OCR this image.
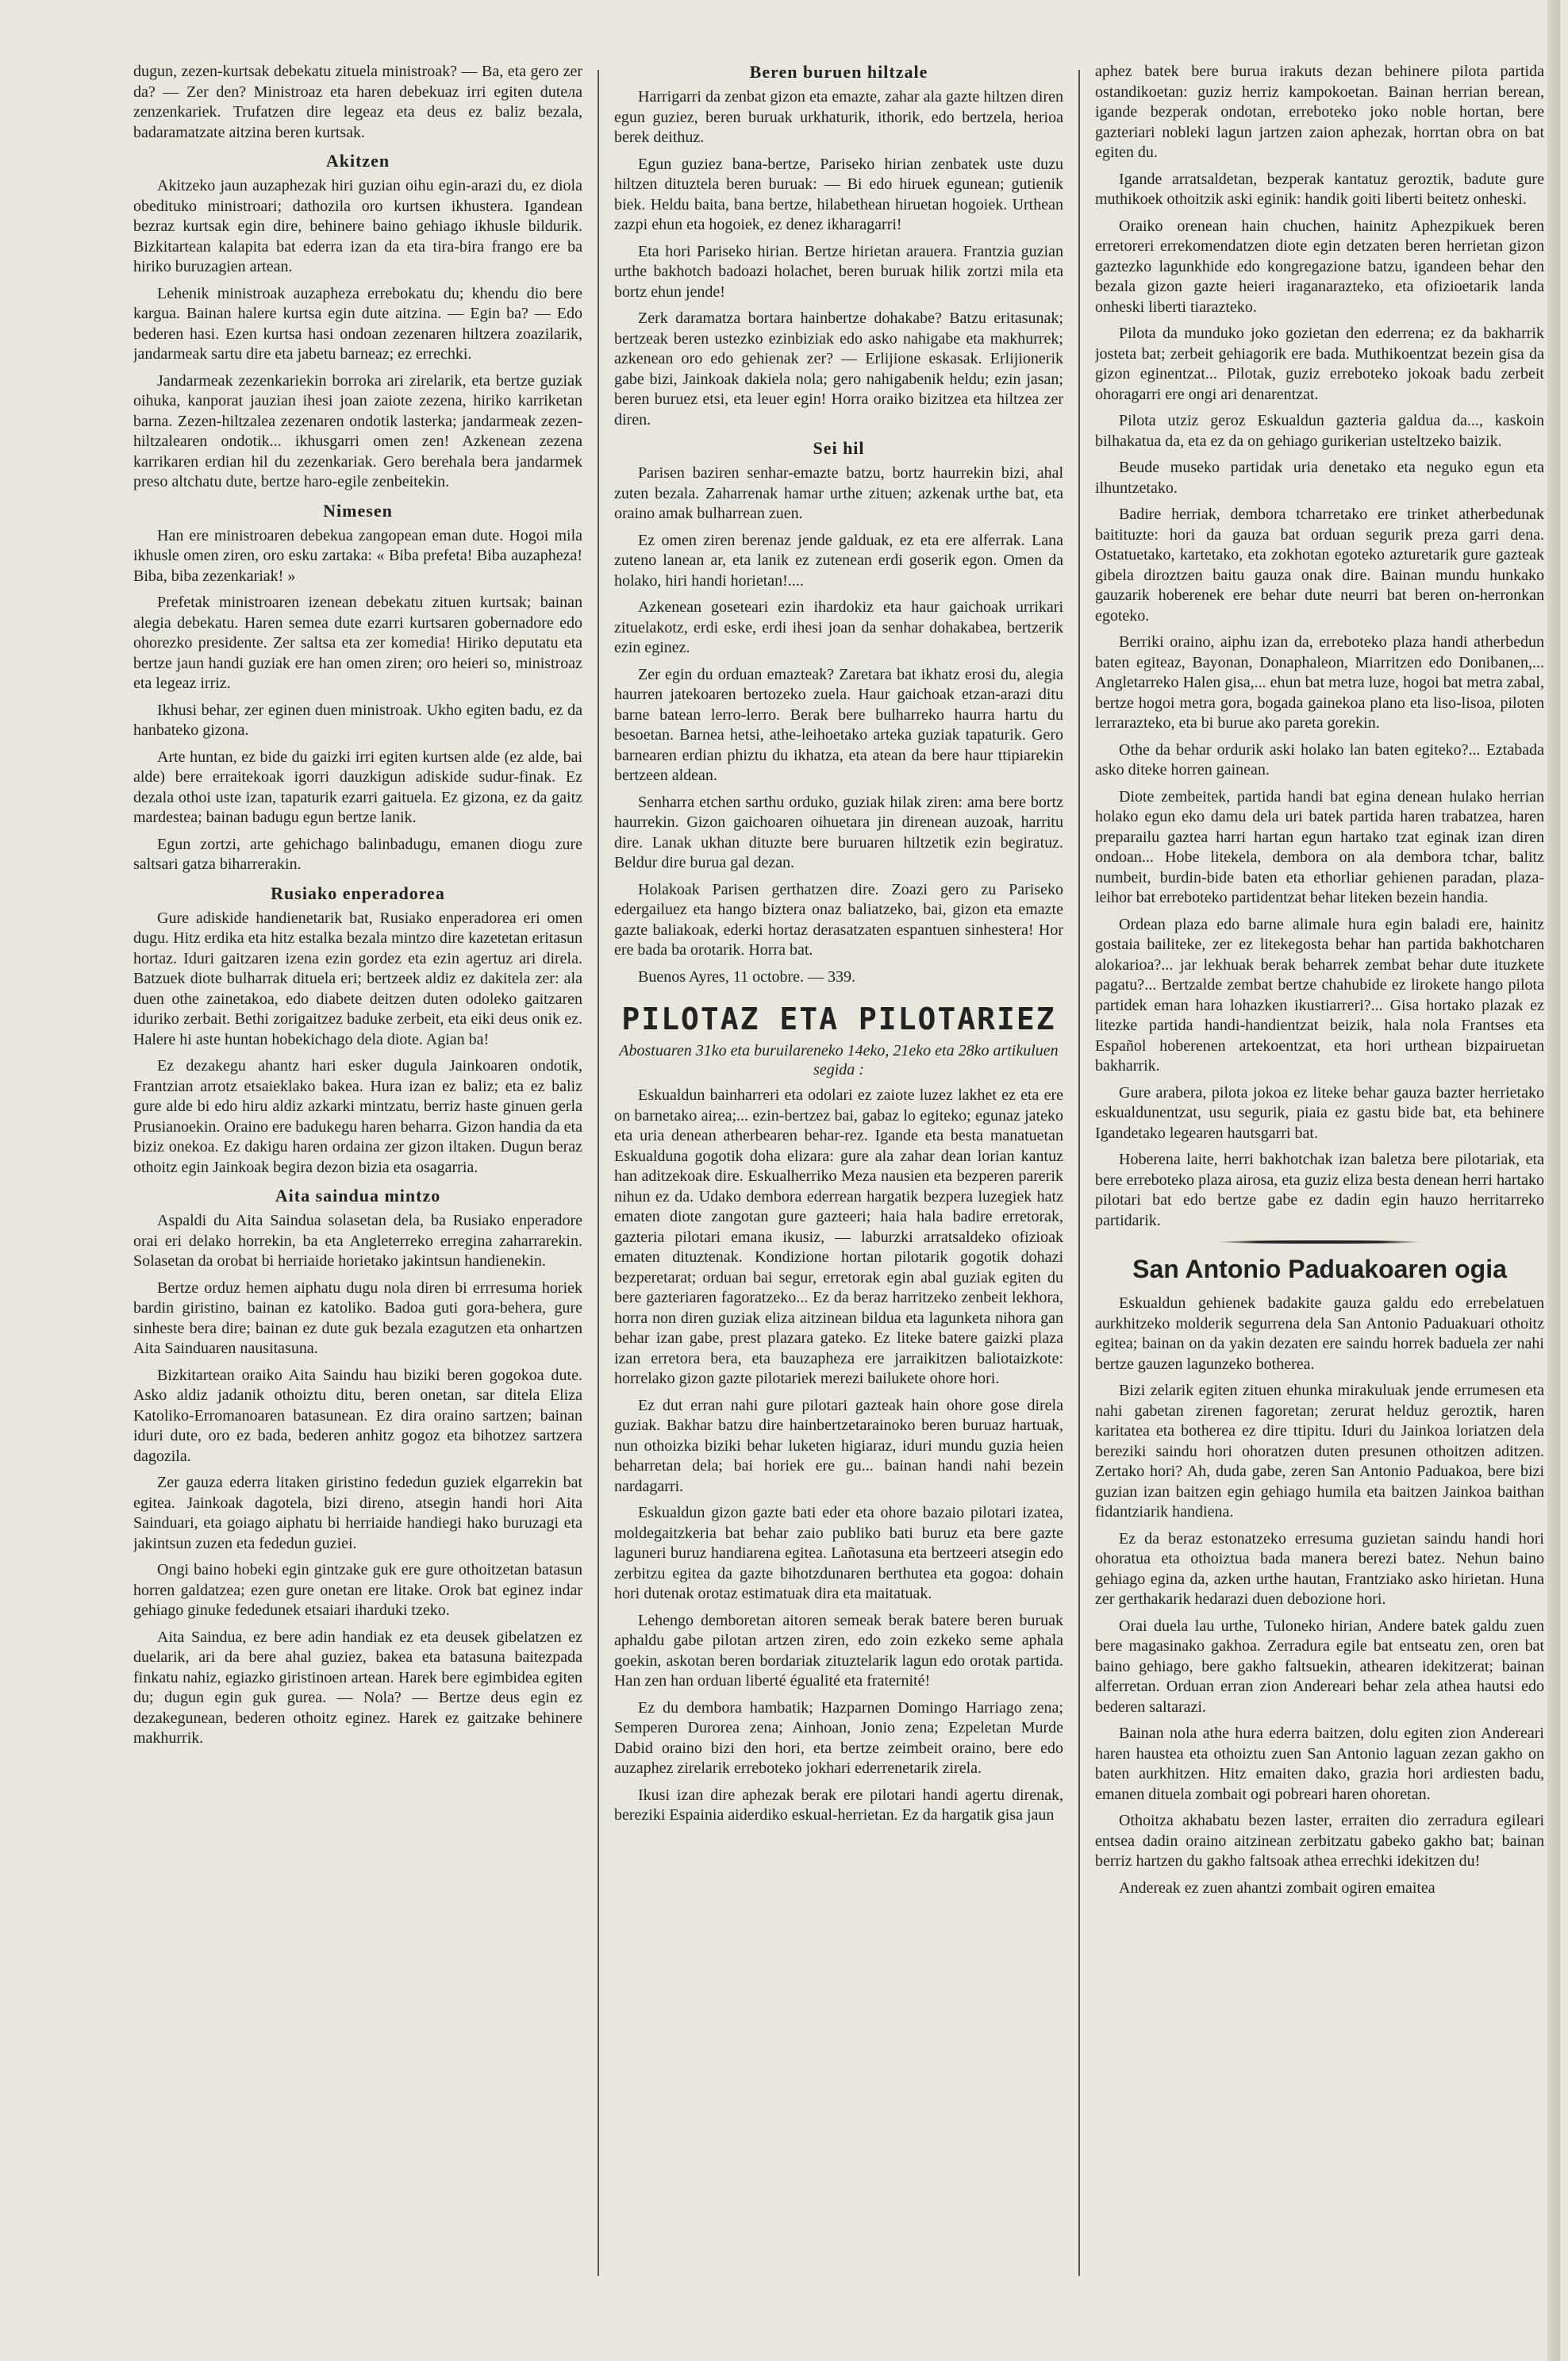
dugun, zezen-kurtsak debekatu zituela ministroak? — Ba, eta gero zer da? — Zer den? Ministroaz eta haren debekuaz irri egiten duteла zenzenkariek. Trufatzen dire legeaz eta deus ez baliz bezala, badaramatzate aitzina beren kurtsak.

Akitzen

Akitzeko jaun auzaphezak hiri guzian oihu egin-arazi du, ez diola obedituko ministroari; dathozila oro kurtsen ikhustera. Igandean bezraz kurtsak egin dire, behinere baino gehiago ikhusle bildurik. Bizkitartean kalapita bat ederra izan da eta tira-bira frango ere ba hiriko buruzagien artean.

Lehenik ministroak auzapheza errebokatu du; khendu dio bere kargua. Bainan halere kurtsa egin dute aitzina. — Egin ba? — Edo bederen hasi. Ezen kurtsa hasi ondoan zezenaren hiltzera zoazilarik, jandarmeak sartu dire eta jabetu barneaz; ez errechki.

Jandarmeak zezenkariekin borroka ari zirelarik, eta bertze guziak oihuka, kanporat jauzian ihesi joan zaiote zezena, hiriko karriketan barna. Zezen-hiltzalea zezenaren ondotik lasterka; jandarmeak zezen-hiltzalearen ondotik... ikhusgarri omen zen! Azkenean zezena karrikaren erdian hil du zezenkariak. Gero berehala bera jandarmek preso altchatu dute, bertze haro-egile zenbeitekin.

Nimesen

Han ere ministroaren debekua zangopean eman dute. Hogoi mila ikhusle omen ziren, oro esku zartaka: « Biba prefeta! Biba auzapheza! Biba, biba zezenkariak! »

Prefetak ministroaren izenean debekatu zituen kurtsak; bainan alegia debekatu. Haren semea dute ezarri kurtsaren gobernadore edo ohorezko presidente. Zer saltsa eta zer komedia! Hiriko deputatu eta bertze jaun handi guziak ere han omen ziren; oro heieri so, ministroaz eta legeaz irriz.

Ikhusi behar, zer eginen duen ministroak. Ukho egiten badu, ez da hanbateko gizona.

Arte huntan, ez bide du gaizki irri egiten kurtsen alde (ez alde, bai alde) bere erraitekoak igorri dauzkigun adiskide sudur-finak. Ez dezala othoi uste izan, tapaturik ezarri gaituela. Ez gizona, ez da gaitz mardestea; bainan badugu egun bertze lanik.

Egun zortzi, arte gehichago balinbadugu, emanen diogu zure saltsari gatza biharrerakin.

Rusiako enperadorea

Gure adiskide handienetarik bat, Rusiako enperadorea eri omen dugu. Hitz erdika eta hitz estalka bezala mintzo dire kazetetan eritasun hortaz. Iduri gaitzaren izena ezin gordez eta ezin agertuz ari direla. Batzuek diote bulharrak dituela eri; bertzeek aldiz ez dakitela zer: ala duen othe zainetakoa, edo diabete deitzen duten odoleko gaitzaren iduriko zerbait. Bethi zorigaitzez baduke zerbeit, eta eiki deus onik ez. Halere hi aste huntan hobekichago dela diote. Agian ba!

Ez dezakegu ahantz hari esker dugula Jainkoaren ondotik, Frantzian arrotz etsaieklako bakea. Hura izan ez baliz; eta ez baliz gure alde bi edo hiru aldiz azkarki mintzatu, berriz haste ginuen gerla Prusianoekin. Oraino ere badukegu haren beharra. Gizon handia da eta biziz onekoa. Ez dakigu haren ordaina zer gizon iltaken. Dugun beraz othoitz egin Jainkoak begira dezon bizia eta osagarria.

Aita saindua mintzo

Aspaldi du Aita Saindua solasetan dela, ba Rusiako enperadore orai eri delako horrekin, ba eta Angleterreko erregina zaharrarekin. Solasetan da orobat bi herriaide horietako jakintsun handienekin.

Bertze orduz hemen aiphatu dugu nola diren bi errresuma horiek bardin giristino, bainan ez katoliko. Badoa guti gora-behera, gure sinheste bera dire; bainan ez dute guk bezala ezagutzen eta onhartzen Aita Sainduaren nausitasuna.

Bizkitartean oraiko Aita Saindu hau biziki beren gogokoa dute. Asko aldiz jadanik othoiztu ditu, beren onetan, sar ditela Eliza Katoliko-Erromanoaren batasunean. Ez dira oraino sartzen; bainan iduri dute, oro ez bada, bederen anhitz gogoz eta bihotzez sartzera dagozila.

Zer gauza ederra litaken giristino fededun guziek elgarrekin bat egitea. Jainkoak dagotela, bizi direno, atsegin handi hori Aita Sainduari, eta goiago aiphatu bi herriaide handiegi hako buruzagi eta jakintsun zuzen eta fededun guziei.

Ongi baino hobeki egin gintzake guk ere gure othoitzetan batasun horren galdatzea; ezen gure onetan ere litake. Orok bat eginez indar gehiago ginuke fededunek etsaiari iharduki tzeko.

Aita Saindua, ez bere adin handiak ez eta deusek gibelatzen ez duelarik, ari da bere ahal guziez, bakea eta batasuna baitezpada finkatu nahiz, egiazko giristinoen artean. Harek bere egimbidea egiten du; dugun egin guk gurea. — Nola? — Bertze deus egin ez dezakegunean, bederen othoitz eginez. Harek ez gaitzake behinere makhurrik.

Beren buruen hiltzale

Harrigarri da zenbat gizon eta emazte, zahar ala gazte hiltzen diren egun guziez, beren buruak urkhaturik, ithorik, edo bertzela, herioa berek deithuz.

Egun guziez bana-bertze, Pariseko hirian zenbatek uste duzu hiltzen dituztela beren buruak: — Bi edo hiruek egunean; gutienik biek. Heldu baita, bana bertze, hilabethean hiruetan hogoiek. Urthean zazpi ehun eta hogoiek, ez denez ikharagarri!

Eta hori Pariseko hirian. Bertze hirietan arauera. Frantzia guzian urthe bakhotch badoazi holachet, beren buruak hilik zortzi mila eta bortz ehun jende!

Zerk daramatza bortara hainbertze dohakabe? Batzu eritasunak; bertzeak beren ustezko ezinbiziak edo asko nahigabe eta makhurrek; azkenean oro edo gehienak zer? — Erlijione eskasak. Erlijionerik gabe bizi, Jainkoak dakiela nola; gero nahigabenik heldu; ezin jasan; beren buruez etsi, eta leuer egin! Horra oraiko bizitzea eta hiltzea zer diren.

Sei hil

Parisen baziren senhar-emazte batzu, bortz haurrekin bizi, ahal zuten bezala. Zaharrenak hamar urthe zituen; azkenak urthe bat, eta oraino amak bulharrean zuen.

Ez omen ziren berenaz jende galduak, ez eta ere alferrak. Lana zuteno lanean ar, eta lanik ez zutenean erdi goserik egon. Omen da holako, hiri handi horietan!....

Azkenean goseteari ezin ihardokiz eta haur gaichoak urrikari zituelakotz, erdi eske, erdi ihesi joan da senhar dohakabea, bertzerik ezin eginez.

Zer egin du orduan emazteak? Zaretara bat ikhatz erosi du, alegia haurren jatekoaren bertozeko zuela. Haur gaichoak etzan-arazi ditu barne batean lerro-lerro. Berak bere bulharreko haurra hartu du besoetan. Barnea hetsi, athe-leihoetako arteka guziak tapaturik. Gero barnearen erdian phiztu du ikhatza, eta atean da bere haur ttipiarekin bertzeen aldean.

Senharra etchen sarthu orduko, guziak hilak ziren: ama bere bortz haurrekin. Gizon gaichoaren oihuetara jin direnean auzoak, harritu dire. Lanak ukhan dituzte bere buruaren hiltzetik ezin begiratuz. Beldur dire burua gal dezan.

Holakoak Parisen gerthatzen dire. Zoazi gero zu Pariseko edergailuez eta hango biztera onaz baliatzeko, bai, gizon eta emazte gazte baliakoak, ederki hortaz derasatzaten espantuen sinhestera! Hor ere bada ba orotarik. Horra bat.

Buenos Ayres, 11 octobre. — 339.

PILOTAZ ETA PILOTARIEZ
Abostuaren 31ko eta buruilareneko 14eko, 21eko eta 28ko artikuluen segida :

Eskualdun bainharreri eta odolari ez zaiote luzez lakhet ez eta ere on barnetako airea;... ezin-bertzez bai, gabaz lo egiteko; egunaz jateko eta uria denean atherbearen behar-rez. Igande eta besta manatuetan Eskualduna gogotik doha elizara: gure ala zahar dean lorian kantuz han aditzekoak dire. Eskualherriko Meza nausien eta bezperen parerik nihun ez da. Udako dembora ederrean hargatik bezpera luzegiek hatz ematen diote zangotan gure gazteeri; haia hala badire erretorak, gazteria pilotari emana ikusiz, — laburzki arratsaldeko ofizioak ematen dituztenak. Kondizione hortan pilotarik gogotik dohazi bezperetarat; orduan bai segur, erretorak egin abal guziak egiten du bere gazteriaren fagoratzeko... Ez da beraz harritzeko zenbeit lekhora, horra non diren guziak eliza aitzinean bildua eta lagunketa nihora gan behar izan gabe, prest plazara gateko. Ez liteke batere gaizki plaza izan erretora bera, eta bauzapheza ere jarraikitzen baliotaizkote: horrelako gizon gazte pilotariek merezi bailukete ohore hori.

Ez dut erran nahi gure pilotari gazteak hain ohore gose direla guziak. Bakhar batzu dire hainbertzetarainoko beren buruaz hartuak, nun othoizka biziki behar luketen higiaraz, iduri mundu guzia heien beharretan dela; bai horiek ere gu... bainan handi nahi bezein nardagarri.

Eskualdun gizon gazte bati eder eta ohore bazaio pilotari izatea, moldegaitzkeria bat behar zaio publiko bati buruz eta bere gazte laguneri buruz handiarena egitea. Lañotasuna eta bertzeeri atsegin edo zerbitzu egitea da gazte bihotzdunaren berthutea eta gogoa: dohain hori dutenak orotaz estimatuak dira eta maitatuak.

Lehengo demboretan aitoren semeak berak batere beren buruak aphaldu gabe pilotan artzen ziren, edo zoin ezkeko seme aphala goekin, askotan beren bordariak zituztelarik lagun edo orotak partida. Han zen han orduan liberté égualité eta fraternité!

Ez du dembora hambatik; Hazparnen Domingo Harriago zena; Semperen Durorea zena; Ainhoan, Jonio zena; Ezpeletan Murde Dabid oraino bizi den hori, eta bertze zeimbeit oraino, bere edo auzaphez zirelarik erreboteko jokhari ederrenetarik zirela.

Ikusi izan dire aphezak berak ere pilotari handi agertu direnak, bereziki Espainia aiderdiko eskual-herrietan. Ez da hargatik gisa jaun

aphez batek bere burua irakuts dezan behinere pilota partida ostandikoetan: guziz herriz kampokoetan. Bainan herrian berean, igande bezperak ondotan, erreboteko joko noble hortan, bere gazteriari nobleki lagun jartzen zaion aphezak, horrtan obra on bat egiten du.

Igande arratsaldetan, bezperak kantatuz geroztik, badute gure muthikoek othoitzik aski eginik: handik goiti liberti beitetz onheski.

Oraiko orenean hain chuchen, hainitz Aphezpikuek beren erretoreri errekomendatzen diote egin detzaten beren herrietan gizon gaztezko lagunkhide edo kongregazione batzu, igandeen behar den bezala gizon gazte heieri iraganarazteko, eta ofizioetarik landa onheski liberti tiarazteko.

Pilota da munduko joko gozietan den ederrena; ez da bakharrik josteta bat; zerbeit gehiagorik ere bada. Muthikoentzat bezein gisa da gizon eginentzat... Pilotak, guziz erreboteko jokoak badu zerbeit ohoragarri ere ongi ari denarentzat.

Pilota utziz geroz Eskualdun gazteria galdua da..., kaskoin bilhakatua da, eta ez da on gehiago gurikerian usteltzeko baizik.

Beude museko partidak uria denetako eta neguko egun eta ilhuntzetako.

Badire herriak, dembora tcharretako ere trinket atherbedunak baitituzte: hori da gauza bat orduan segurik preza garri dena. Ostatuetako, kartetako, eta zokhotan egoteko azturetarik gure gazteak gibela diroztzen baitu gauza onak dire. Bainan mundu hunkako gauzarik hoberenek ere behar dute neurri bat beren on-herronkan egoteko.

Berriki oraino, aiphu izan da, erreboteko plaza handi atherbedun baten egiteaz, Bayonan, Donaphaleon, Miarritzen edo Donibanen,... Angletarreko Halen gisa,... ehun bat metra luze, hogoi bat metra zabal, bertze hogoi metra gora, bogada gainekoa plano eta liso-lisoa, piloten lerrarazteko, eta bi burue ako pareta gorekin.

Othe da behar ordurik aski holako lan baten egiteko?... Eztabada asko diteke horren gainean.

Diote zembeitek, partida handi bat egina denean hulako herrian holako egun eko damu dela uri batek partida haren trabatzea, haren preparailu gaztea harri hartan egun hartako tzat eginak izan diren ondoan... Hobe litekela, dembora on ala dembora tchar, balitz numbeit, burdin-bide baten eta ethorliar gehienen paradan, plaza-leihor bat erreboteko partidentzat behar liteken bezein handia.

Ordean plaza edo barne alimale hura egin baladi ere, hainitz gostaia bailiteke, zer ez litekegosta behar han partida bakhotcharen alokarioa?... jar lekhuak berak beharrek zembat behar dute ituzkete pagatu?... Bertzalde zembat bertze chahubide ez lirokete hango pilota partidek eman hara lohazken ikustiarreri?... Gisa hortako plazak ez litezke partida handi-handientzat beizik, hala nola Frantses eta Español hoberenen artekoentzat, eta hori urthean bizpairuetan bakharrik.

Gure arabera, pilota jokoa ez liteke behar gauza bazter herrietako eskualdunentzat, usu segurik, piaia ez gastu bide bat, eta behinere Igandetako legearen hautsgarri bat.

Hoberena laite, herri bakhotchak izan baletza bere pilotariak, eta bere erreboteko plaza airosa, eta guziz eliza besta denean herri hartako pilotari bat edo bertze gabe ez dadin egin hauzo herritarreko partidarik.

San Antonio Paduakoaren ogia

Eskualdun gehienek badakite gauza galdu edo errebelatuen aurkhitzeko molderik segurrena dela San Antonio Paduakuari othoitz egitea; bainan on da yakin dezaten ere saindu horrek baduela zer nahi bertze gauzen lagunzeko botherea.

Bizi zelarik egiten zituen ehunka mirakuluak jende errumesen eta nahi gabetan zirenen fagoretan; zerurat helduz geroztik, haren karitatea eta botherea ez dire ttipitu. Iduri du Jainkoa loriatzen dela bereziki saindu hori ohoratzen duten presunen othoitzen aditzen. Zertako hori? Ah, duda gabe, zeren San Antonio Paduakoa, bere bizi guzian izan baitzen egin gehiago humila eta baitzen Jainkoa baithan fidantziarik handiena.

Ez da beraz estonatzeko erresuma guzietan saindu handi hori ohoratua eta othoiztua bada manera berezi batez. Nehun baino gehiago egina da, azken urthe hautan, Frantziako asko hirietan. Huna zer gerthakarik hedarazi duen debozione hori.

Orai duela lau urthe, Tuloneko hirian, Andere batek galdu zuen bere magasinako gakhoa. Zerradura egile bat entseatu zen, oren bat baino gehiago, bere gakho faltsuekin, athearen idekitzerat; bainan alferretan. Orduan erran zion Andereari behar zela athea hautsi edo bederen saltarazi.

Bainan nola athe hura ederra baitzen, dolu egiten zion Andereari haren haustea eta othoiztu zuen San Antonio laguan zezan gakho on baten aurkhitzen. Hitz emaiten dako, grazia hori ardiesten badu, emanen dituela zombait ogi pobreari haren ohoretan.

Othoitza akhabatu bezen laster, erraiten dio zerradura egileari entsea dadin oraino aitzinean zerbitzatu gabeko gakho bat; bainan berriz hartzen du gakho faltsoak athea errechki idekitzen du!

Andereak ez zuen ahantzi zombait ogiren emaitea
